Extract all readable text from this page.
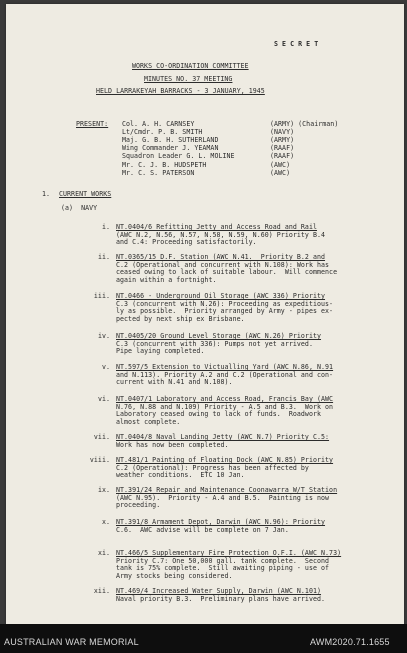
S E C R E T
WORKS CO-ORDINATION COMMITTEE
MINUTES NO. 37 MEETING
HELD LARRAKEYAH BARRACKS - 3 JANUARY, 1945
PRESENT: Col. A. H. CARNSEY	(ARMY) (Chairman)
Lt/Cmdr. P. B. SMITH	(NAVY)
Maj. G. B. H. SUTHERLAND	(ARMY)
Wing Commander J. YEAMAN	(RAAF)
Squadron Leader G. L. MOLINE	(RAAF)
Mr. C. J. B. HUDSPETH	(AWC)
Mr. C. S. PATERSON	(AWC)
1. CURRENT WORKS
(a)  NAVY
i. NT.0404/6 Refitting Jetty and Access Road and Rail
(AWC N.2, N.56, N.57, N.58, N.59, N.60) Priority B.4
and C.4: Proceeding satisfactorily.
ii. NT.0365/15 D.F. Station (AWC N.41.  Priority B.2 and
C.2 (Operational and concurrent with N.108): Work has
ceased owing to lack of suitable labour.  Will commence
again within a fortnight.
iii. NT.0466 - Underground Oil Storage (AWC 336) Priority
C.3 (concurrent with N.26): Proceeding as expeditious-
ly as possible.  Priority arranged by Army - pipes ex-
pected by next ship ex Brisbane.
iv. NT.0405/20 Ground Level Storage (AWC N.26) Priority
C.3 (concurrent with 336): Pumps not yet arrived.
Pipe laying completed.
v. NT.597/5 Extension to Victualling Yard (AWC N.86, N.91
and N.113). Priority A.2 and C.2 (Operational and con-
current with N.41 and N.108).
vi. NT.0407/1 Laboratory and Access Road, Francis Bay (AWC
N.76, N.88 and N.109) Priority - A.5 and B.3.  Work on
Laboratory ceased owing to lack of funds.  Roadwork
almost complete.
vii. NT.0404/8 Naval Landing Jetty (AWC N.7) Priority C.5:
Work has now been completed.
viii. NT.481/1 Painting of Floating Dock (AWC N.85) Priority
C.2 (Operational): Progress has been affected by
weather conditions.  ETC 10 Jan.
ix. NT.391/24 Repair and Maintenance Coonawarra W/T Station
(AWC N.95).  Priority - A.4 and B.5.  Painting is now
proceeding.
x. NT.391/8 Armament Depot, Darwin (AWC N.96): Priority
C.6.  AWC advise will be complete on 7 Jan.
xi. NT.466/5 Supplementary Fire Protection O.F.I. (AWC N.73)
Priority C.7: One 50,000 gall. tank complete.  Second
tank is 75% complete.  Still awaiting piping - use of
Army stocks being considered.
xii. NT.469/4 Increased Water Supply, Darwin (AWC N.101)
Naval priority B.3.  Preliminary plans have arrived.
AUSTRALIAN WAR MEMORIAL	AWM2020.71.1655
